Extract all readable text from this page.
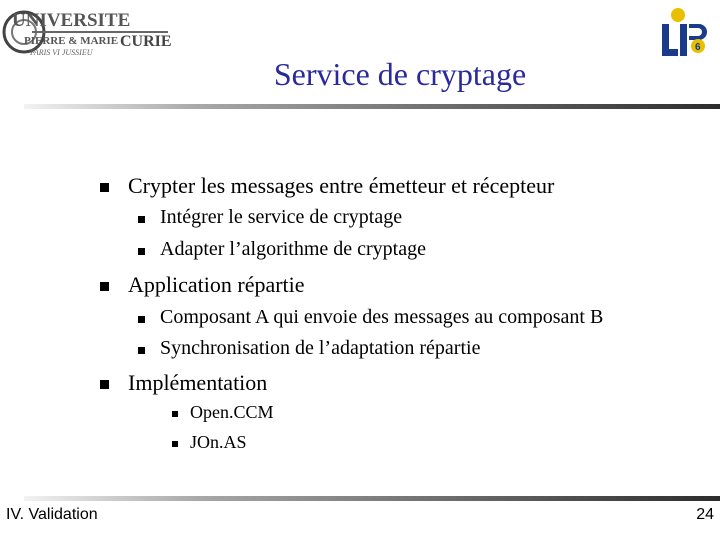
UNIVERSITE
PIERRE & MARIE CURIE
PARIS VI JUSSIEU	6
Service de cryptage
Crypter les messages entre émetteur et récepteur
Intégrer le service de cryptage
Adapter l’algorithme de cryptage
Application répartie
Composant A qui envoie des messages au composant B
Synchronisation de l’adaptation répartie
Implémentation
Open.CCM
JOn.AS
IV. Validation	24
